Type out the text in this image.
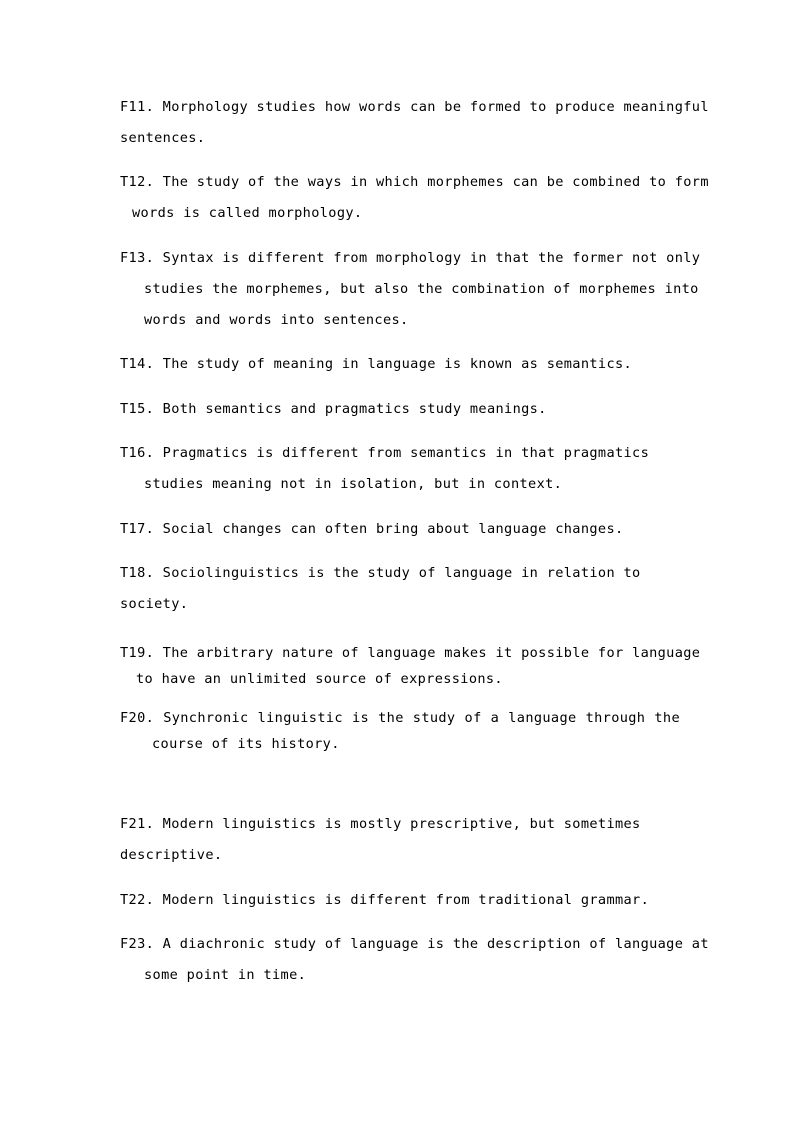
F11. Morphology studies how words can be formed to produce meaningful
sentences.
T12. The study of the ways in which morphemes can be combined to form
words is called morphology.
F13. Syntax is different from morphology in that the former not only
studies the morphemes, but also the combination of morphemes into
words and words into sentences.
T14. The study of meaning in language is known as semantics.
T15. Both semantics and pragmatics study meanings.
T16. Pragmatics is different from semantics in that pragmatics
studies meaning not in isolation, but in context.
T17. Social changes can often bring about language changes.
T18. Sociolinguistics is the study of language in relation to
society.
T19. The arbitrary nature of language makes it possible for language
to have an unlimited source of expressions.
F20. Synchronic linguistic is the study of a language through the
course of its history.
F21. Modern linguistics is mostly prescriptive, but sometimes
descriptive.
T22. Modern linguistics is different from traditional grammar.
F23. A diachronic study of language is the description of language at
some point in time.
